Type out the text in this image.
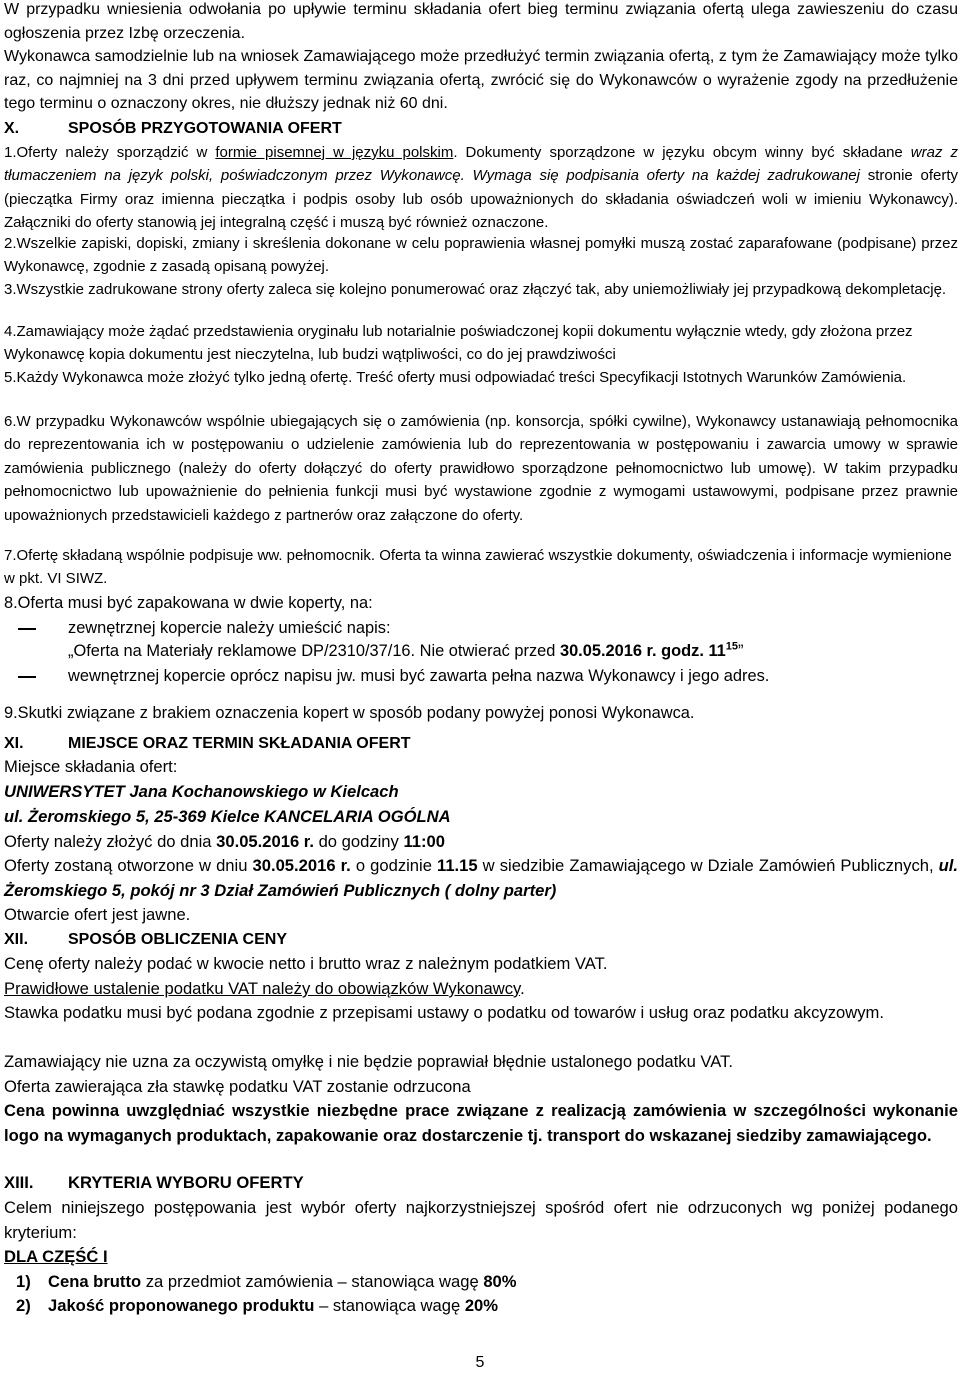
W przypadku wniesienia odwołania po upływie terminu składania ofert bieg terminu związania ofertą ulega zawieszeniu do czasu ogłoszenia przez Izbę orzeczenia.

Wykonawca samodzielnie lub na wniosek Zamawiającego może przedłużyć termin związania ofertą, z tym że Zamawiający może tylko raz, co najmniej na 3 dni przed upływem terminu związania ofertą, zwrócić się do Wykonawców o wyrażenie zgody na przedłużenie tego terminu o oznaczony okres, nie dłuższy jednak niż 60 dni.

X.	SPOSÓB PRZYGOTOWANIA OFERT

1.Oferty należy sporządzić w formie pisemnej w języku polskim. Dokumenty sporządzone w języku obcym winny być składane wraz z tłumaczeniem na język polski, poświadczonym przez Wykonawcę. Wymaga się podpisania oferty na każdej zadrukowanej stronie oferty (pieczątka Firmy oraz imienna pieczątka i podpis osoby lub osób upoważnionych do składania oświadczeń woli w imieniu Wykonawcy). Załączniki do oferty stanowią jej integralną część i muszą być również oznaczone.

2.Wszelkie zapiski, dopiski, zmiany i skreślenia dokonane w celu poprawienia własnej pomyłki muszą zostać zaparafowane (podpisane) przez Wykonawcę, zgodnie z zasadą opisaną powyżej.

3.Wszystkie zadrukowane strony oferty zaleca się kolejno ponumerować oraz złączyć tak, aby uniemożliwiały jej przypadkową dekompletację.

4.Zamawiający może żądać przedstawienia oryginału lub notarialnie poświadczonej kopii dokumentu wyłącznie wtedy, gdy złożona przez Wykonawcę kopia dokumentu jest nieczytelna, lub budzi wątpliwości, co do jej prawdziwości

5.Każdy Wykonawca może złożyć tylko jedną ofertę. Treść oferty musi odpowiadać treści Specyfikacji Istotnych Warunków Zamówienia.

6.W przypadku Wykonawców wspólnie ubiegających się o zamówienia (np. konsorcja, spółki cywilne), Wykonawcy ustanawiają pełnomocnika do reprezentowania ich w postępowaniu o udzielenie zamówienia lub do reprezentowania w postępowaniu i zawarcia umowy w sprawie zamówienia publicznego (należy do oferty dołączyć do oferty prawidłowo sporządzone pełnomocnictwo lub umowę). W takim przypadku pełnomocnictwo lub upoważnienie do pełnienia funkcji musi być wystawione zgodnie z wymogami ustawowymi, podpisane przez prawnie upoważnionych przedstawicieli każdego z partnerów oraz załączone do oferty.

7.Ofertę składaną wspólnie podpisuje ww. pełnomocnik. Oferta ta winna zawierać wszystkie dokumenty, oświadczenia i informacje wymienione w pkt. VI SIWZ.

8.Oferta musi być zapakowana w dwie koperty, na:

zewnętrznej kopercie należy umieścić napis:

„Oferta na Materiały reklamowe DP/2310/37/16. Nie otwierać przed 30.05.2016 r. godz. $11^{15}$”

wewnętrznej kopercie oprócz napisu jw. musi być zawarta pełna nazwa Wykonawcy i jego adres.

9.Skutki związane z brakiem oznaczenia kopert w sposób podany powyżej ponosi Wykonawca.

XI.	MIEJSCE ORAZ TERMIN SKŁADANIA OFERT

Miejsce składania ofert:

UNIWERSYTET Jana Kochanowskiego w Kielcach

ul. Żeromskiego 5, 25-369 Kielce KANCELARIA OGÓLNA

Oferty należy złożyć do dnia 30.05.2016 r. do godziny 11:00

Oferty zostaną otworzone w dniu 30.05.2016 r. o godzinie 11.15 w siedzibie Zamawiającego w Dziale Zamówień Publicznych, ul. Żeromskiego 5, pokój nr 3 Dział Zamówień Publicznych ( dolny parter)

Otwarcie ofert jest jawne.

XII. SPOSÓB OBLICZENIA CENY

Cenę oferty należy podać w kwocie netto i brutto wraz z należnym podatkiem VAT.

Prawidłowe ustalenie podatku VAT należy do obowiązków Wykonawcy.

Stawka podatku musi być podana zgodnie z przepisami ustawy o podatku od towarów i usług oraz podatku akcyzowym.

Zamawiający nie uzna za oczywistą omyłkę i nie będzie poprawiał błędnie ustalonego podatku VAT.

Oferta zawierająca zła stawkę podatku VAT zostanie odrzucona

Cena powinna uwzględniać wszystkie niezbędne prace związane z realizacją zamówienia w szczególności wykonanie logo na wymaganych produktach, zapakowanie oraz dostarczenie tj. transport do wskazanej siedziby zamawiającego.

XIII. KRYTERIA WYBORU OFERTY

Celem niniejszego postępowania jest wybór oferty najkorzystniejszej spośród ofert nie odrzuconych wg poniżej podanego kryterium:

DLA CZĘŚĆ I

1) Cena brutto za przedmiot zamówienia – stanowiąca wagę 80%

2) Jakość proponowanego produktu – stanowiąca wagę 20%

5
